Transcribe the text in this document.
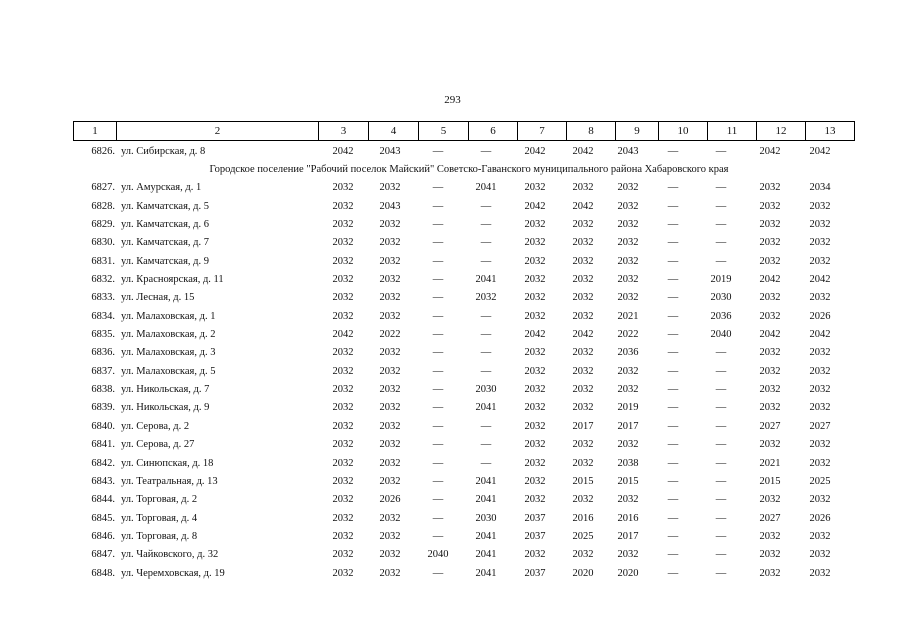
293
1	2	3	4	5	6	7	8	9	10	11	12	13
6826. ул. Сибирская, д. 8	2042	2043	—	—	2042	2042	2043	—	—	2042	2042
Городское поселение "Рабочий поселок Майский" Советско-Гаванского муниципального района Хабаровского края
6827. ул. Амурская, д. 1	2032	2032	—	2041	2032	2032	2032	—	—	2032	2034
6828. ул. Камчатская, д. 5	2032	2043	—	—	2042	2042	2032	—	—	2032	2032
6829. ул. Камчатская, д. 6	2032	2032	—	—	2032	2032	2032	—	—	2032	2032
6830. ул. Камчатская, д. 7	2032	2032	—	—	2032	2032	2032	—	—	2032	2032
6831. ул. Камчатская, д. 9	2032	2032	—	—	2032	2032	2032	—	—	2032	2032
6832. ул. Красноярская, д. 11	2032	2032	—	2041	2032	2032	2032	—	2019	2042	2042
6833. ул. Лесная, д. 15	2032	2032	—	2032	2032	2032	2032	—	2030	2032	2032
6834. ул. Малаховская, д. 1	2032	2032	—	—	2032	2032	2021	—	2036	2032	2026
6835. ул. Малаховская, д. 2	2042	2022	—	—	2042	2042	2022	—	2040	2042	2042
6836. ул. Малаховская, д. 3	2032	2032	—	—	2032	2032	2036	—	—	2032	2032
6837. ул. Малаховская, д. 5	2032	2032	—	—	2032	2032	2032	—	—	2032	2032
6838. ул. Никольская, д. 7	2032	2032	—	2030	2032	2032	2032	—	—	2032	2032
6839. ул. Никольская, д. 9	2032	2032	—	2041	2032	2032	2019	—	—	2032	2032
6840. ул. Серова, д. 2	2032	2032	—	—	2032	2017	2017	—	—	2027	2027
6841. ул. Серова, д. 27	2032	2032	—	—	2032	2032	2032	—	—	2032	2032
6842. ул. Синюпская, д. 18	2032	2032	—	—	2032	2032	2038	—	—	2021	2032
6843. ул. Театральная, д. 13	2032	2032	—	2041	2032	2015	2015	—	—	2015	2025
6844. ул. Торговая, д. 2	2032	2026	—	2041	2032	2032	2032	—	—	2032	2032
6845. ул. Торговая, д. 4	2032	2032	—	2030	2037	2016	2016	—	—	2027	2026
6846. ул. Торговая, д. 8	2032	2032	—	2041	2037	2025	2017	—	—	2032	2032
6847. ул. Чайковского, д. 32	2032	2032	2040	2041	2032	2032	2032	—	—	2032	2032
6848. ул. Черемховская, д. 19	2032	2032	—	2041	2037	2020	2020	—	—	2032	2032
